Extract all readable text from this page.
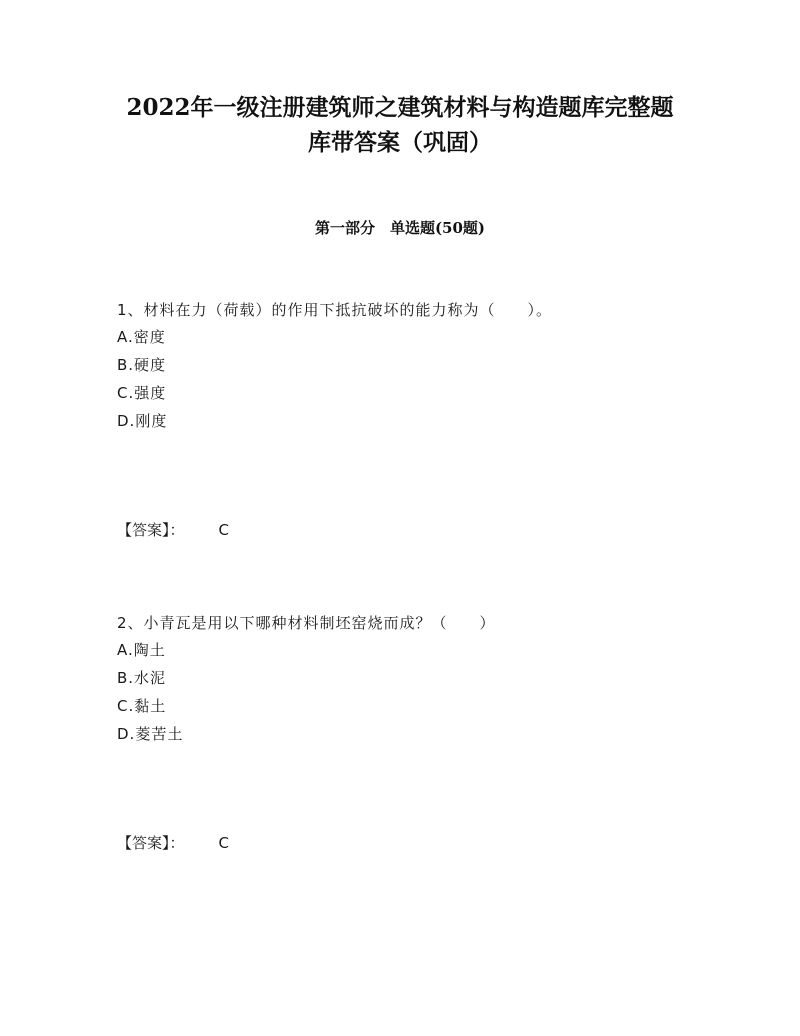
2022年一级注册建筑师之建筑材料与构造题库完整题
库带答案（巩固）
第一部分　单选题(50题)
1、材料在力（荷载）的作用下抵抗破坏的能力称为（　　）。
A.密度
B.硬度
C.强度
D.刚度
【答案】： C
2、小青瓦是用以下哪种材料制坯窑烧而成？（　　）
A.陶土
B.水泥
C.黏土
D.菱苦土
【答案】： C
